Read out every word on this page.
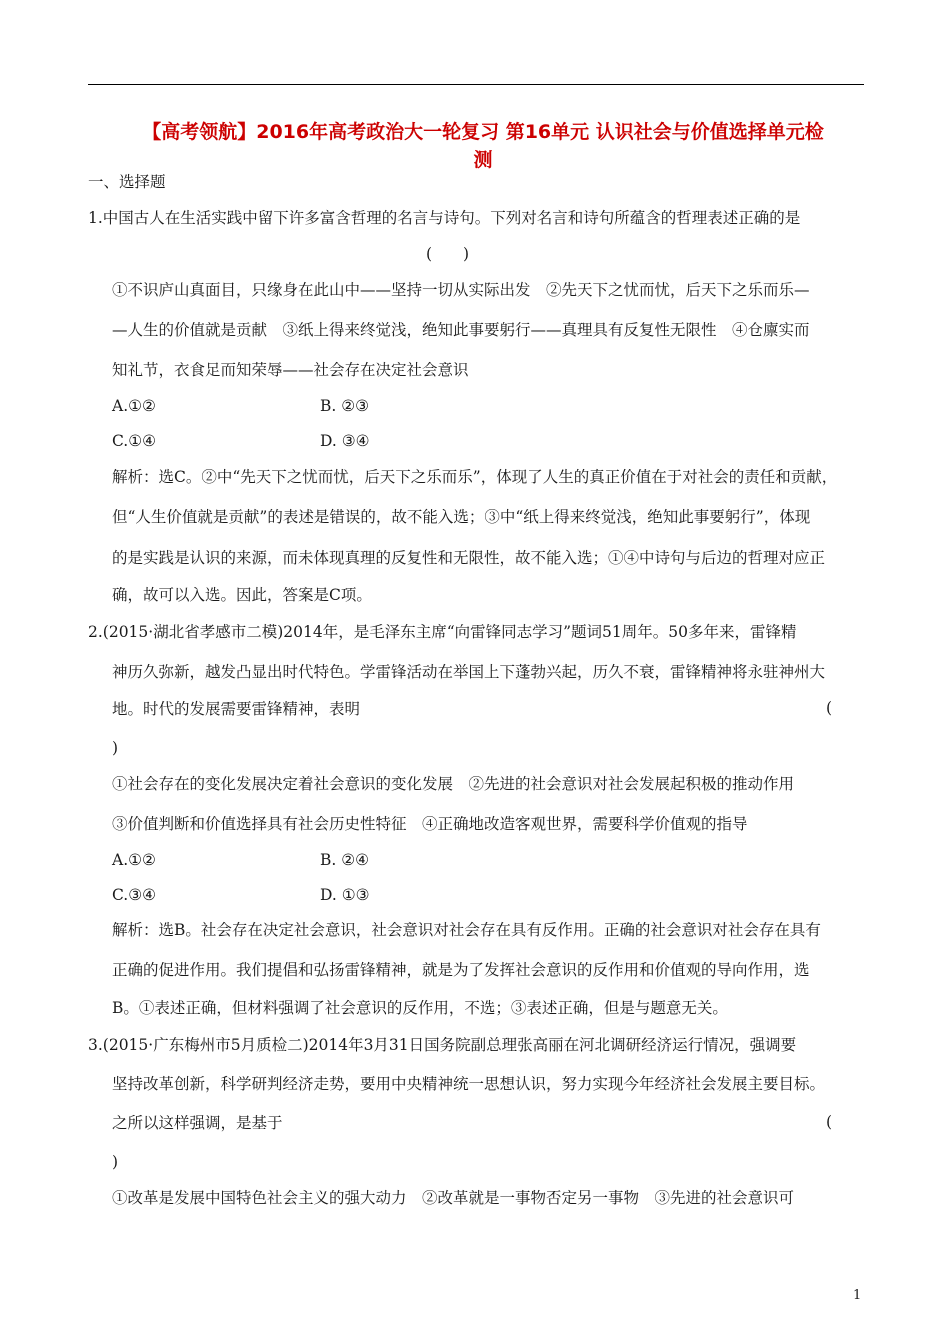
【高考领航】2016年高考政治大一轮复习 第16单元 认识社会与价值选择单元检
测
一、选择题
1.中国古人在生活实践中留下许多富含哲理的名言与诗句。下列对名言和诗句所蕴含的哲理表述正确的是
(　　)
①不识庐山真面目，只缘身在此山中——坚持一切从实际出发　②先天下之忧而忧，后天下之乐而乐—
—人生的价值就是贡献　③纸上得来终觉浅，绝知此事要躬行——真理具有反复性无限性　④仓廪实而
知礼节，衣食足而知荣辱——社会存在决定社会意识
A.①②	B. ②③
C.①④	D. ③④
解析：选C。②中“先天下之忧而忧，后天下之乐而乐”，体现了人生的真正价值在于对社会的责任和贡献，
但“人生价值就是贡献”的表述是错误的，故不能入选；③中“纸上得来终觉浅，绝知此事要躬行”，体现
的是实践是认识的来源，而未体现真理的反复性和无限性，故不能入选；①④中诗句与后边的哲理对应正
确，故可以入选。因此，答案是C项。
2.(2015·湖北省孝感市二模)2014年，是毛泽东主席“向雷锋同志学习”题词51周年。50多年来，雷锋精
神历久弥新，越发凸显出时代特色。学雷锋活动在举国上下蓬勃兴起，历久不衰，雷锋精神将永驻神州大
地。时代的发展需要雷锋精神，表明	(
)
①社会存在的变化发展决定着社会意识的变化发展　②先进的社会意识对社会发展起积极的推动作用
③价值判断和价值选择具有社会历史性特征　④正确地改造客观世界，需要科学价值观的指导
A.①②	B. ②④
C.③④	D. ①③
解析：选B。社会存在决定社会意识，社会意识对社会存在具有反作用。正确的社会意识对社会存在具有
正确的促进作用。我们提倡和弘扬雷锋精神，就是为了发挥社会意识的反作用和价值观的导向作用，选
B。①表述正确，但材料强调了社会意识的反作用，不选；③表述正确，但是与题意无关。
3.(2015·广东梅州市5月质检二)2014年3月31日国务院副总理张高丽在河北调研经济运行情况，强调要
坚持改革创新，科学研判经济走势，要用中央精神统一思想认识，努力实现今年经济社会发展主要目标。
之所以这样强调，是基于	(
)
①改革是发展中国特色社会主义的强大动力　②改革就是一事物否定另一事物　③先进的社会意识可
1
